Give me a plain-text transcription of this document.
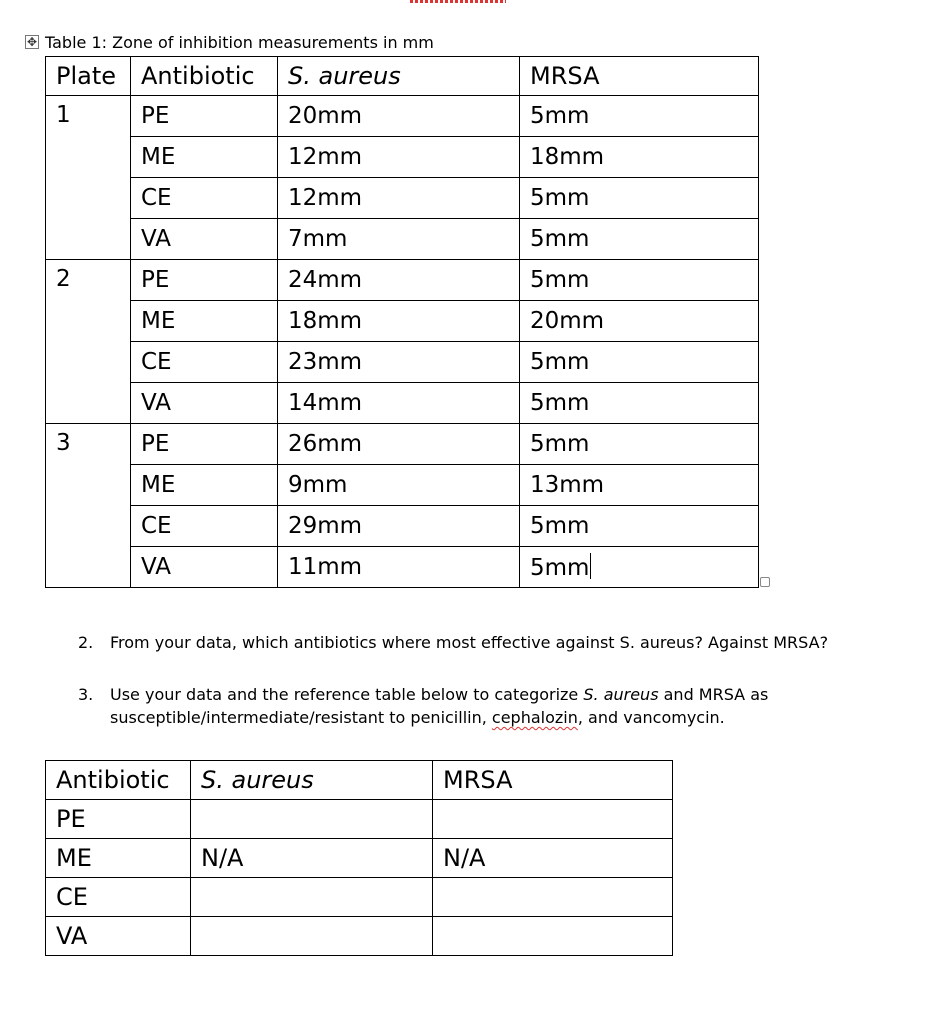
✥ Table 1: Zone of inhibition measurements in mm
Plate	Antibiotic	S. aureus	MRSA
1	PE	20mm	5mm
	ME	12mm	18mm
	CE	12mm	5mm
	VA	7mm	5mm
2	PE	24mm	5mm
	ME	18mm	20mm
	CE	23mm	5mm
	VA	14mm	5mm
3	PE	26mm	5mm
	ME	9mm	13mm
	CE	29mm	5mm
	VA	11mm	5mm
2. From your data, which antibiotics where most effective against S. aureus? Against MRSA?
3. Use your data and the reference table below to categorize S. aureus and MRSA as
susceptible/intermediate/resistant to penicillin, cephalozin, and vancomycin.
Antibiotic	S. aureus	MRSA
PE		
ME	N/A	N/A
CE		
VA		
